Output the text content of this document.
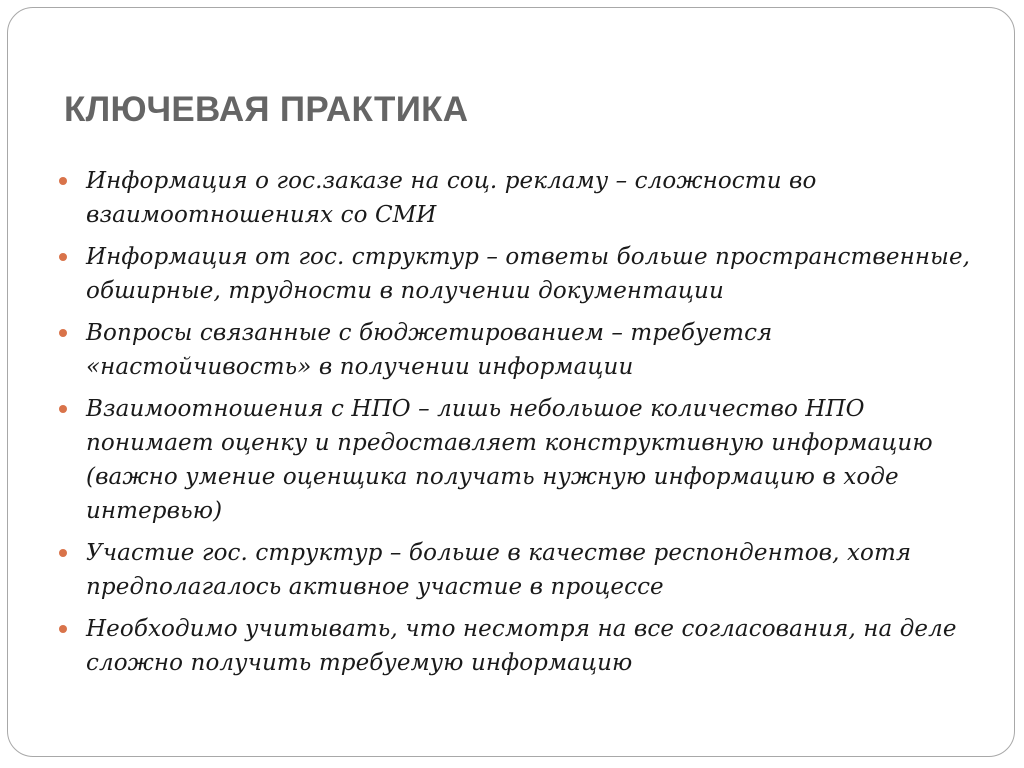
КЛЮЧЕВАЯ ПРАКТИКА
Информация о гос.заказе на соц. рекламу – сложности во взаимоотношениях со СМИ
Информация от гос. структур – ответы больше пространственные, обширные, трудности в получении документации
Вопросы связанные с бюджетированием – требуется «настойчивость» в получении информации
Взаимоотношения с НПО – лишь небольшое количество НПО понимает оценку и предоставляет конструктивную информацию (важно умение оценщика получать нужную информацию в ходе интервью)
Участие гос. структур – больше в качестве респондентов, хотя предполагалось активное участие в процессе
Необходимо учитывать, что несмотря на все согласования, на деле сложно получить требуемую информацию
